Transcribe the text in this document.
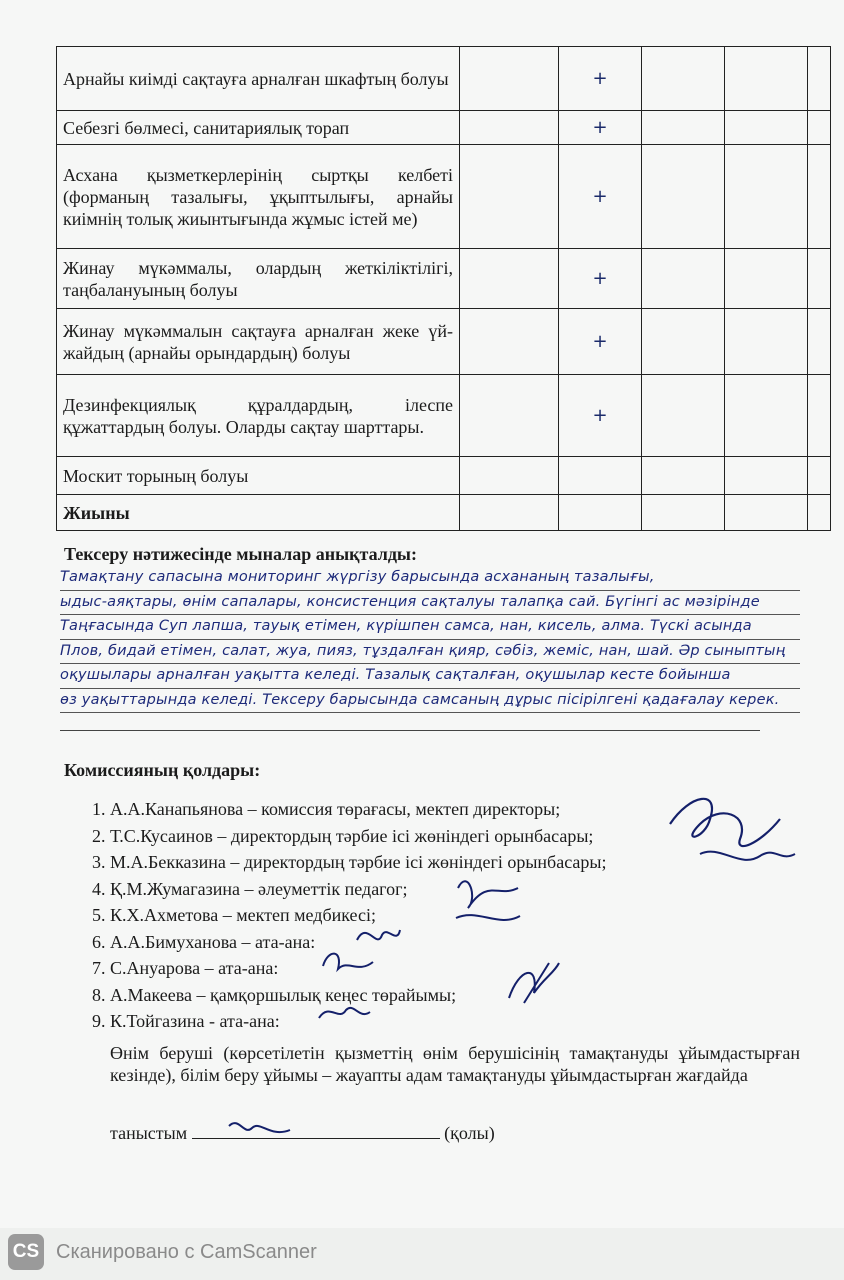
Арнайы киімді сақтауға арналған шкафтың болуы		+			
Себезгі бөлмесі, санитариялық торап		+			
Асхана қызметкерлерінің сыртқы келбеті (форманың тазалығы, ұқыптылығы, арнайы киімнің толық жиынтығында жұмыс істей ме)		+			
Жинау мүкәммалы, олардың жеткіліктілігі, таңбалануының болуы		+			
Жинау мүкәммалын сақтауға арналған жеке үй-жайдың (арнайы орындардың) болуы		+			
Дезинфекциялық құралдардың, ілеспе құжаттардың болуы. Оларды сақтау шарттары.		+			
Москит торының болуы					
Жиыны					
Тексеру нәтижесінде мыналар анықталды:
Тамақтану сапасына мониторинг жүргізу барысында асхананың тазалығы,
ыдыс-аяқтары, өнім сапалары, консистенция сақталуы талапқа сай. Бүгінгі ас мәзірінде
Таңғасында Суп лапша, тауық етімен, күрішпен самса, нан, кисель, алма. Түскі асында
Плов, бидай етімен, салат, жуа, пияз, тұздалған қияр, сәбіз, жеміс, нан, шай. Әр сыныптың
оқушылары арналған уақытта келеді. Тазалық сақталған, оқушылар кесте бойынша
өз уақыттарында келеді. Тексеру барысында самсаның дұрыс пісірілгені қадағалау керек.
Комиссияның қолдары:
1. А.А.Канапьянова – комиссия төрағасы, мектеп директоры;
2. Т.С.Кусаинов – директордың тәрбие ісі жөніндегі орынбасары;
3. М.А.Бекказина – директордың тәрбие ісі жөніндегі орынбасары;
4. Қ.М.Жумагазина – әлеуметтік педагог;
5. К.Х.Ахметова – мектеп медбикесі;
6. А.А.Бимуханова – ата-ана:
7. С.Ануарова – ата-ана:
8. А.Макеева – қамқоршылық кеңес төрайымы;
9. К.Тойгазина - ата-ана:
Өнім беруші (көрсетілетін қызметтің өнім берушісінің тамақтануды ұйымдастырған кезінде), білім беру ұйымы – жауапты адам тамақтануды ұйымдастырған жағдайда
таныстым	(қолы)
CS Сканировано с CamScanner
